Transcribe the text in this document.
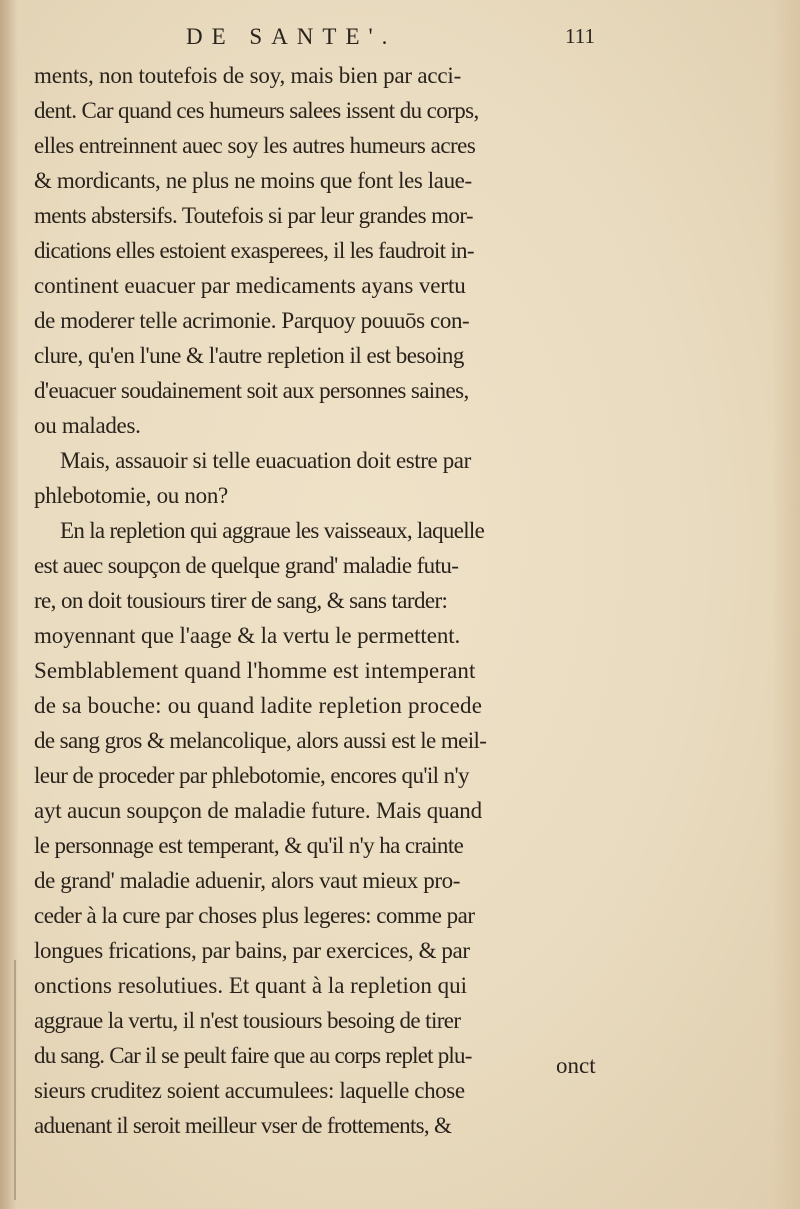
DE SANTE'.	111
ments, non toutefois de soy, mais bien par acci-
dent. Car quand ces humeurs salees issent du corps,
elles entreinnent auec soy les autres humeurs acres
& mordicants, ne plus ne moins que font les laue-
ments abstersifs. Toutefois si par leur grandes mor-
dications elles estoient exasperees, il les faudroit in-
continent euacuer par medicaments ayans vertu
de moderer telle acrimonie. Parquoy pouuōs con-
clure, qu'en l'une & l'autre repletion il est besoing
d'euacuer soudainement soit aux personnes saines,
ou malades.
Mais, assauoir si telle euacuation doit estre par
phlebotomie, ou non?
En la repletion qui aggraue les vaisseaux, laquelle
est auec soupçon de quelque grand' maladie futu-
re, on doit tousiours tirer de sang, & sans tarder:
moyennant que l'aage & la vertu le permettent.
Semblablement quand l'homme est intemperant
de sa bouche: ou quand ladite repletion procede
de sang gros & melancolique, alors aussi est le meil-
leur de proceder par phlebotomie, encores qu'il n'y
ayt aucun soupçon de maladie future. Mais quand
le personnage est temperant, & qu'il n'y ha crainte
de grand' maladie aduenir, alors vaut mieux pro-
ceder à la cure par choses plus legeres: comme par
longues frications, par bains, par exercices, & par
onctions resolutiues. Et quant à la repletion qui
aggraue la vertu, il n'est tousiours besoing de tirer
du sang. Car il se peult faire que au corps replet plu-
sieurs cruditez soient accumulees: laquelle chose
aduenant il seroit meilleur vser de frottements, &
onct
